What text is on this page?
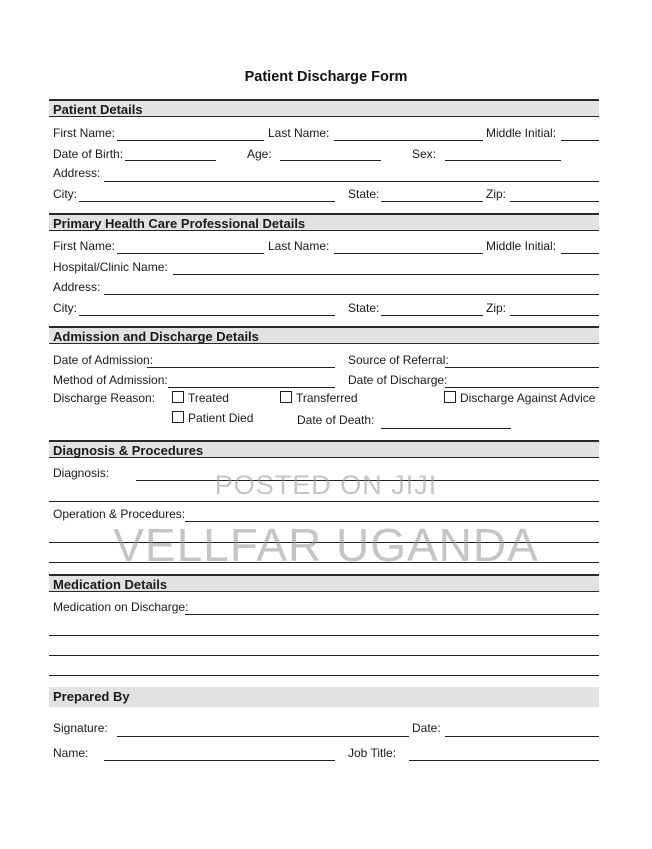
Patient Discharge Form
Patient Details
First Name:	Last Name:	Middle Initial:
Date of Birth:	Age:	Sex:
Address:
City:	State:	Zip:
Primary Health Care Professional Details
First Name:	Last Name:	Middle Initial:
Hospital/Clinic Name:
Address:
City:	State:	Zip:
Admission and Discharge Details
Date of Admission:	Source of Referral:
Method of Admission:	Date of Discharge:
Discharge Reason:	Treated	Transferred	Discharge Against Advice
Patient Died	Date of Death:
Diagnosis & Procedures
Diagnosis:
Operation & Procedures:
Medication Details
Medication on Discharge:
Prepared By
Signature:	Date:
Name:	Job Title:
POSTED ON JIJI
VELLFAR UGANDA
